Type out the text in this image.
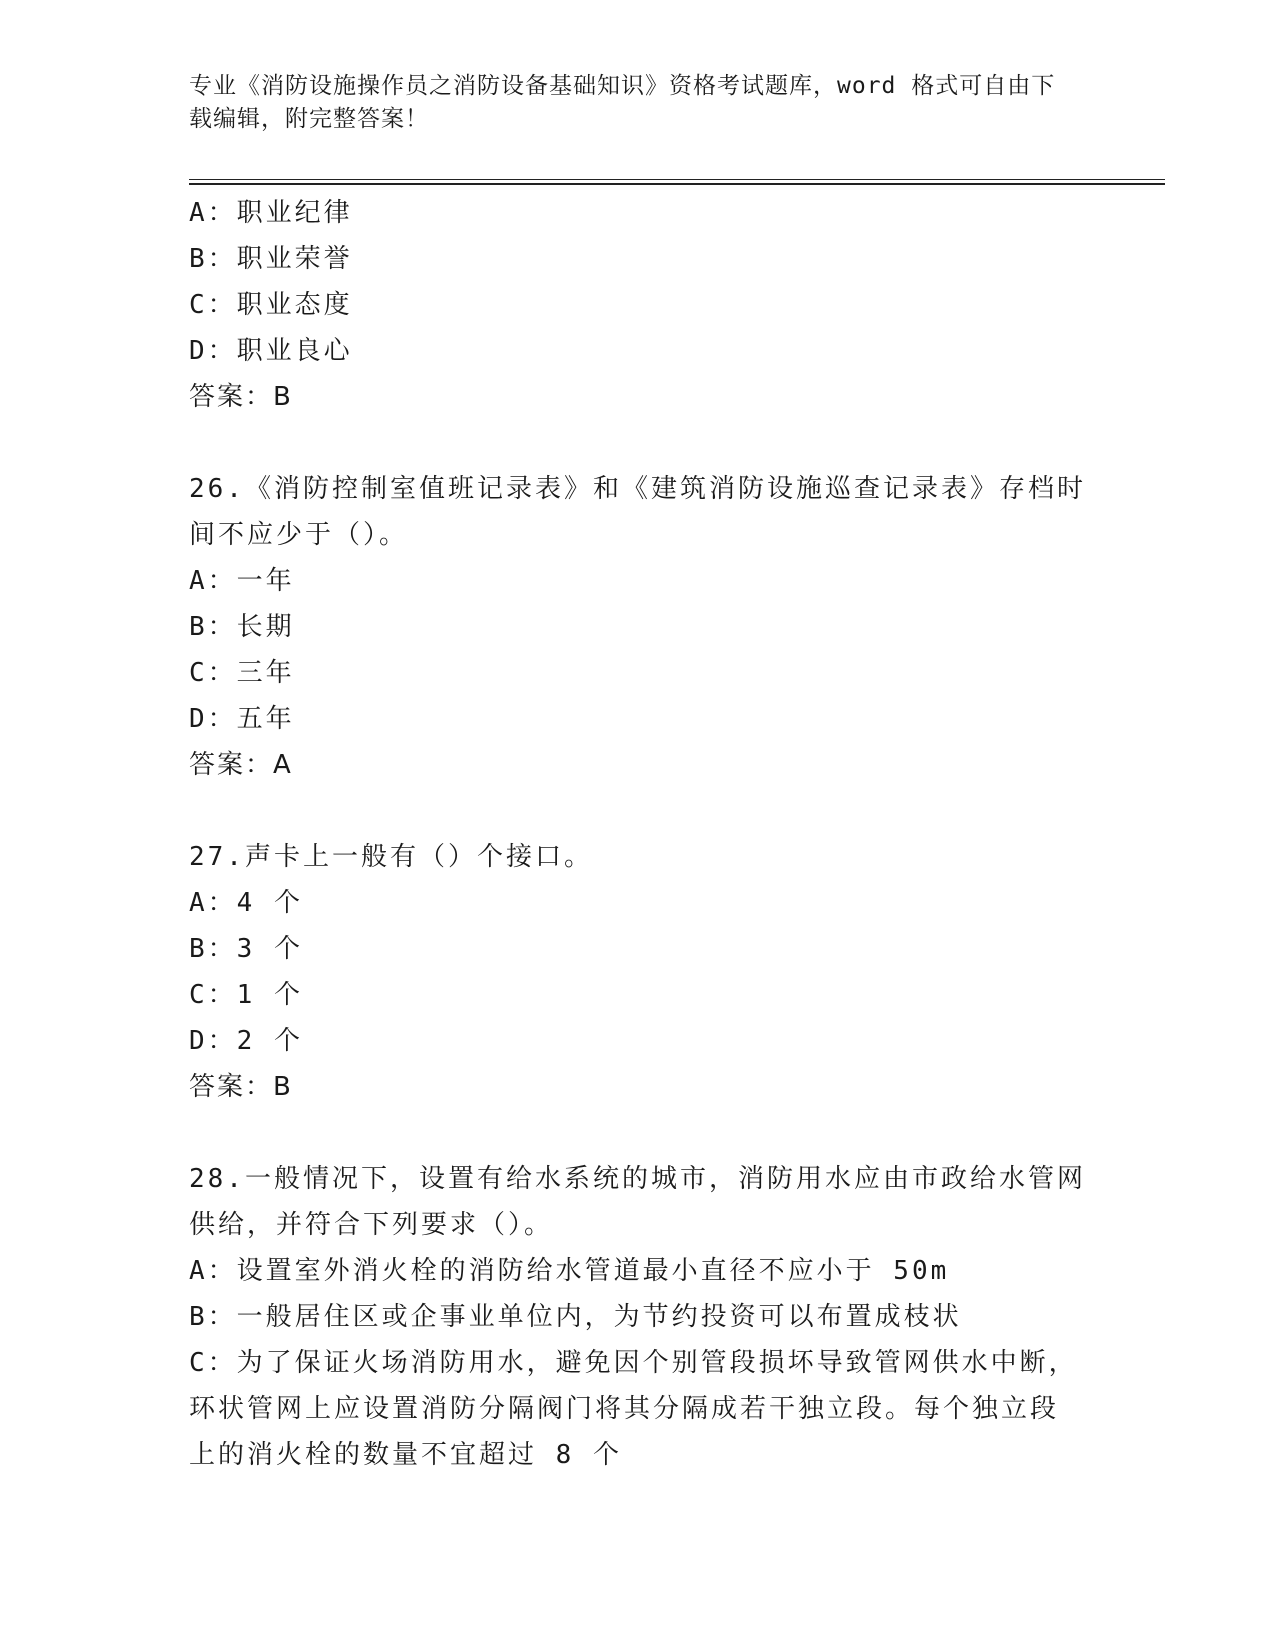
专业《消防设施操作员之消防设备基础知识》资格考试题库，word 格式可自由下
载编辑，附完整答案！
A：职业纪律
B：职业荣誉
C：职业态度
D：职业良心
答案：B
26.《消防控制室值班记录表》和《建筑消防设施巡查记录表》存档时
间不应少于（）。
A：一年
B：长期
C：三年
D：五年
答案：A
27.声卡上一般有（）个接口。
A：4 个
B：3 个
C：1 个
D：2 个
答案：B
28.一般情况下，设置有给水系统的城市，消防用水应由市政给水管网
供给，并符合下列要求（）。
A：设置室外消火栓的消防给水管道最小直径不应小于 50m
B：一般居住区或企事业单位内，为节约投资可以布置成枝状
C：为了保证火场消防用水，避免因个别管段损坏导致管网供水中断，
环状管网上应设置消防分隔阀门将其分隔成若干独立段。每个独立段
上的消火栓的数量不宜超过 8 个
